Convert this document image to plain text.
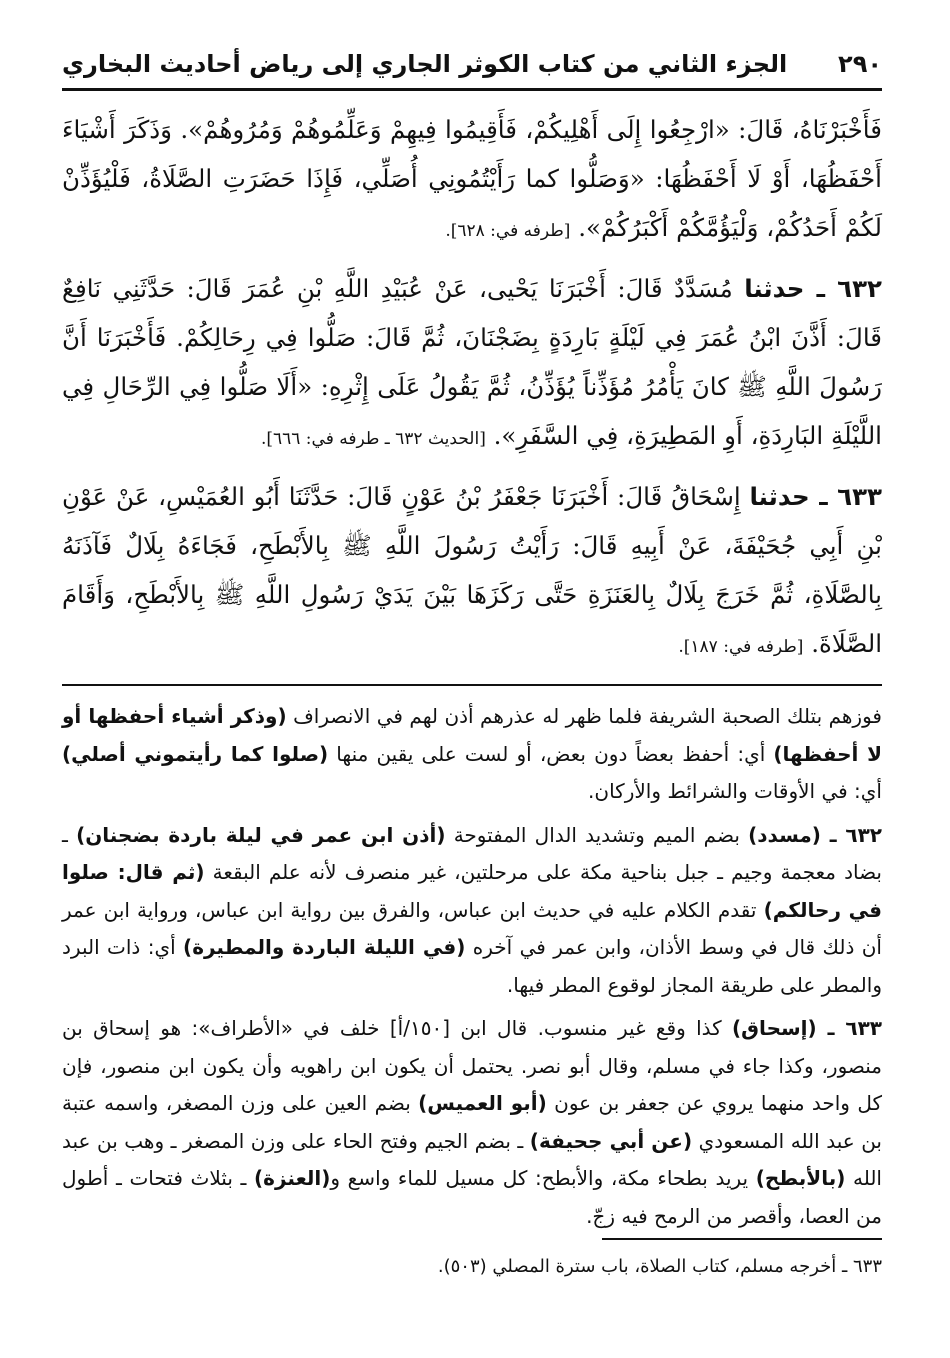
٢٩٠
الجزء الثاني من كتاب الكوثر الجاري إلى رياض أحاديث البخاري

فَأَخْبَرْنَاهُ، قَالَ: «ارْجِعُوا إِلَى أَهْلِيكُمْ، فَأَقِيمُوا فِيهِمْ وَعَلِّمُوهُمْ وَمُرُوهُمْ». وَذَكَرَ أَشْيَاءَ أَحْفَظُهَا، أَوْ لَا أَحْفَظُهَا: «وَصَلُّوا كما رَأَيْتُمُونِي أُصَلِّي، فَإِذَا حَضَرَتِ الصَّلَاةُ، فَلْيُؤَذِّنْ لَكُمْ أَحَدُكُمْ، وَلْيَؤُمَّكُمْ أَكْبَرُكُمْ». [طرفه في: ٦٢٨].

٦٣٢ ـ حدثنا مُسَدَّدٌ قَالَ: أَخْبَرَنَا يَحْيى، عَنْ عُبَيْدِ اللَّهِ بْنِ عُمَرَ قَالَ: حَدَّثَنِي نَافِعٌ قَالَ: أَذَّنَ ابْنُ عُمَرَ فِي لَيْلَةٍ بَارِدَةٍ بِضَجْنَانَ، ثُمَّ قَالَ: صَلُّوا فِي رِحَالِكُمْ. فَأَخْبَرَنَا أَنَّ رَسُولَ اللَّهِ ﷺ كانَ يَأْمُرُ مُؤَذِّناً يُؤَذِّنُ، ثُمَّ يَقُولُ عَلَى إِثْرِهِ: «أَلَا صَلُّوا فِي الرِّحَالِ فِي اللَّيْلَةِ البَارِدَةِ، أَوِ المَطِيرَةِ، فِي السَّفَرِ». [الحديث ٦٣٢ ـ طرفه في: ٦٦٦].

٦٣٣ ـ حدثنا إِسْحَاقُ قَالَ: أَخْبَرَنَا جَعْفَرُ بْنُ عَوْنٍ قَالَ: حَدَّثَنَا أَبُو العُمَيْسِ، عَنْ عَوْنِ بْنِ أَبِي جُحَيْفَةَ، عَنْ أَبِيهِ قَالَ: رَأَيْتُ رَسُولَ اللَّهِ ﷺ بِالأَبْطَحِ، فَجَاءَهُ بِلَالٌ فَآذَنَهُ بِالصَّلَاةِ، ثُمَّ خَرَجَ بِلَالٌ بِالعَنَزَةِ حَتَّى رَكَزَهَا بَيْنَ يَدَيْ رَسُولِ اللَّهِ ﷺ بِالأَبْطَحِ، وَأَقَامَ الصَّلَاةَ. [طرفه في: ١٨٧].

فوزهم بتلك الصحبة الشريفة فلما ظهر له عذرهم أذن لهم في الانصراف (وذكر أشياء أحفظها أو لا أحفظها) أي: أحفظ بعضاً دون بعض، أو لست على يقين منها (صلوا كما رأيتموني أصلي) أي: في الأوقات والشرائط والأركان.

٦٣٢ ـ (مسدد) بضم الميم وتشديد الدال المفتوحة (أذن ابن عمر في ليلة باردة بضجنان) ـ بضاد معجمة وجيم ـ جبل بناحية مكة على مرحلتين، غير منصرف لأنه علم البقعة (ثم قال: صلوا في رحالكم) تقدم الكلام عليه في حديث ابن عباس، والفرق بين رواية ابن عباس، ورواية ابن عمر أن ذلك قال في وسط الأذان، وابن عمر في آخره (في الليلة الباردة والمطيرة) أي: ذات البرد والمطر على طريقة المجاز لوقوع المطر فيها.

٦٣٣ ـ (إسحاق) كذا وقع غير منسوب. قال ابن [١٥٠/أ] خلف في «الأطراف»: هو إسحاق بن منصور، وكذا جاء في مسلم، وقال أبو نصر. يحتمل أن يكون ابن راهويه وأن يكون ابن منصور، فإن كل واحد منهما يروي عن جعفر بن عون (أبو العميس) بضم العين على وزن المصغر، واسمه عتبة بن عبد الله المسعودي (عن أبي جحيفة) ـ بضم الجيم وفتح الحاء على وزن المصغر ـ وهب بن عبد الله (بالأبطح) يريد بطحاء مكة، والأبطح: كل مسيل للماء واسع و(العنزة) ـ بثلاث فتحات ـ أطول من العصا، وأقصر من الرمح فيه زجّ.

٦٣٣ ـ أخرجه مسلم، كتاب الصلاة، باب سترة المصلي (٥٠٣).
